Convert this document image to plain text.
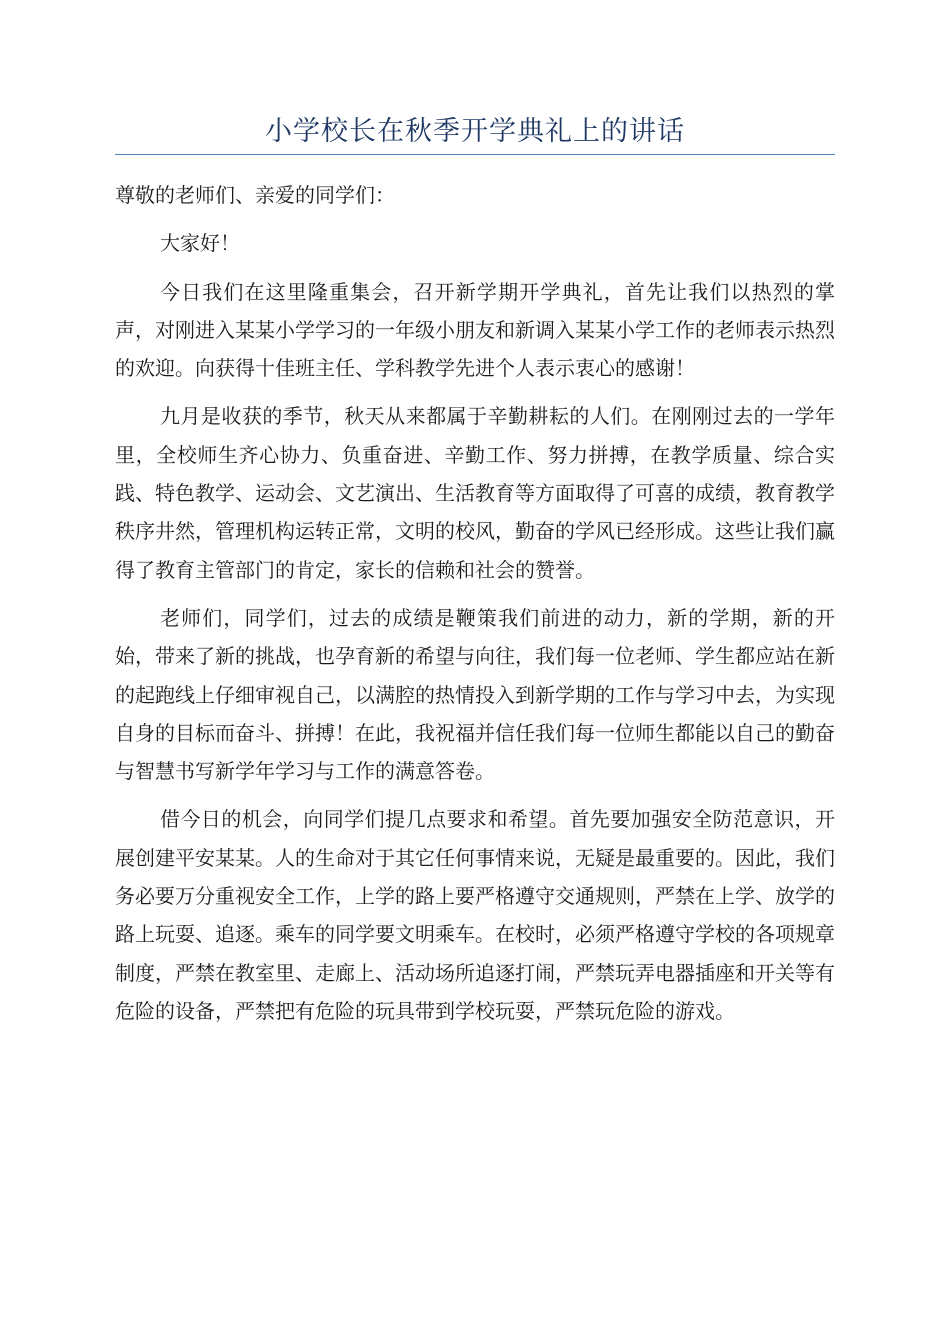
小学校长在秋季开学典礼上的讲话

尊敬的老师们、亲爱的同学们：

大家好！

今日我们在这里隆重集会，召开新学期开学典礼，首先让我们以热烈的掌声，对刚进入某某小学学习的一年级小朋友和新调入某某小学工作的老师表示热烈的欢迎。向获得十佳班主任、学科教学先进个人表示衷心的感谢！

九月是收获的季节，秋天从来都属于辛勤耕耘的人们。在刚刚过去的一学年里，全校师生齐心协力、负重奋进、辛勤工作、努力拼搏，在教学质量、综合实践、特色教学、运动会、文艺演出、生活教育等方面取得了可喜的成绩，教育教学秩序井然，管理机构运转正常，文明的校风，勤奋的学风已经形成。这些让我们赢得了教育主管部门的肯定，家长的信赖和社会的赞誉。

老师们，同学们，过去的成绩是鞭策我们前进的动力，新的学期，新的开始，带来了新的挑战，也孕育新的希望与向往，我们每一位老师、学生都应站在新的起跑线上仔细审视自己，以满腔的热情投入到新学期的工作与学习中去，为实现自身的目标而奋斗、拼搏！在此，我祝福并信任我们每一位师生都能以自己的勤奋与智慧书写新学年学习与工作的满意答卷。

借今日的机会，向同学们提几点要求和希望。首先要加强安全防范意识，开展创建平安某某。人的生命对于其它任何事情来说，无疑是最重要的。因此，我们务必要万分重视安全工作，上学的路上要严格遵守交通规则，严禁在上学、放学的路上玩耍、追逐。乘车的同学要文明乘车。在校时，必须严格遵守学校的各项规章制度，严禁在教室里、走廊上、活动场所追逐打闹，严禁玩弄电器插座和开关等有危险的设备，严禁把有危险的玩具带到学校玩耍，严禁玩危险的游戏。
